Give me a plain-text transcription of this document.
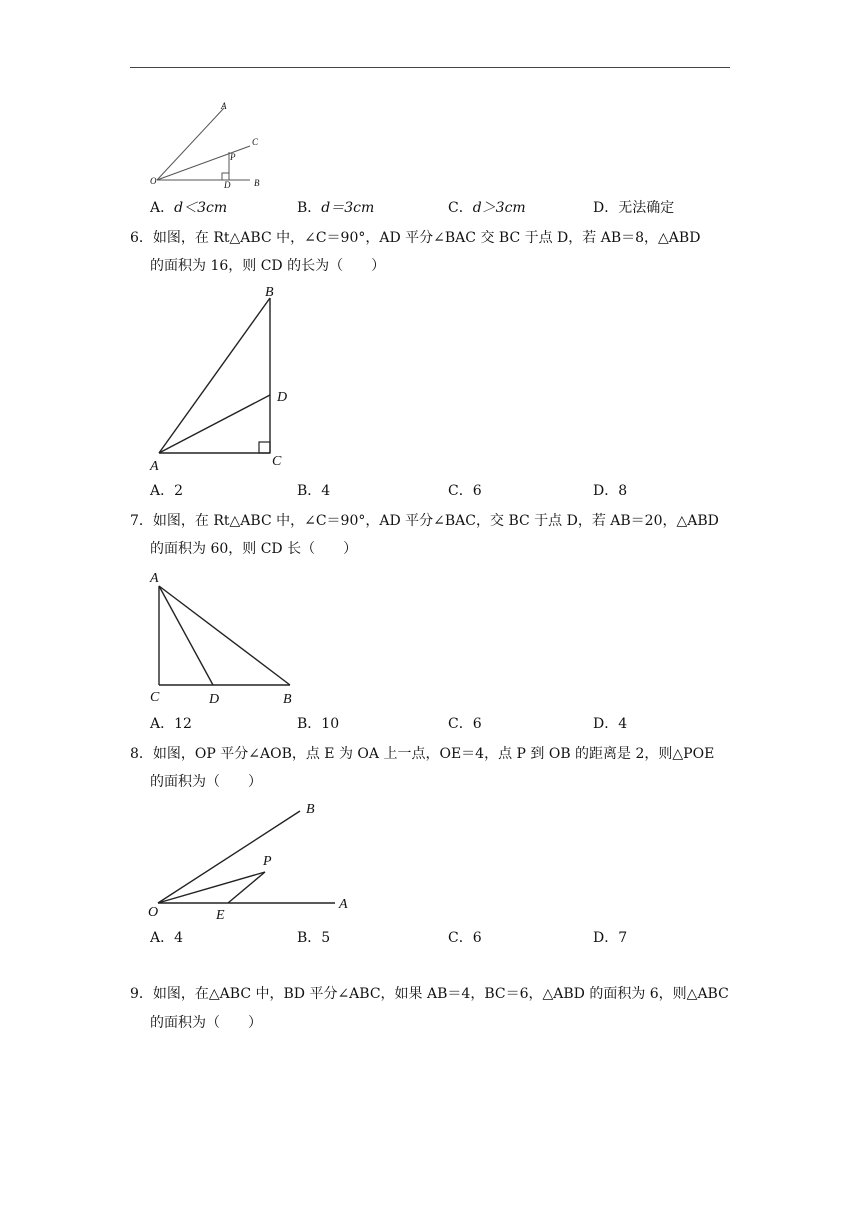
A
C
P
O	D	B
A．d＜3cm	B．d＝3cm	C．d＞3cm	D．无法确定
6．如图，在 Rt△ABC 中，∠C＝90°，AD 平分∠BAC 交 BC 于点 D，若 AB＝8，△ABD
的面积为 16，则 CD 的长为（　　）
B
D
A	C
A．2	B．4	C．6	D．8
7．如图，在 Rt△ABC 中，∠C＝90°，AD 平分∠BAC，交 BC 于点 D，若 AB＝20，△ABD
的面积为 60，则 CD 长（　　）
A
C	D	B
A．12	B．10	C．6	D．4
8．如图，OP 平分∠AOB，点 E 为 OA 上一点，OE＝4，点 P 到 OB 的距离是 2，则△POE
的面积为（　　）
B
P
O	E
A
A．4	B．5	C．6	D．7
9．如图，在△ABC 中，BD 平分∠ABC，如果 AB＝4，BC＝6，△ABD 的面积为 6，则△ABC
的面积为（　　）
